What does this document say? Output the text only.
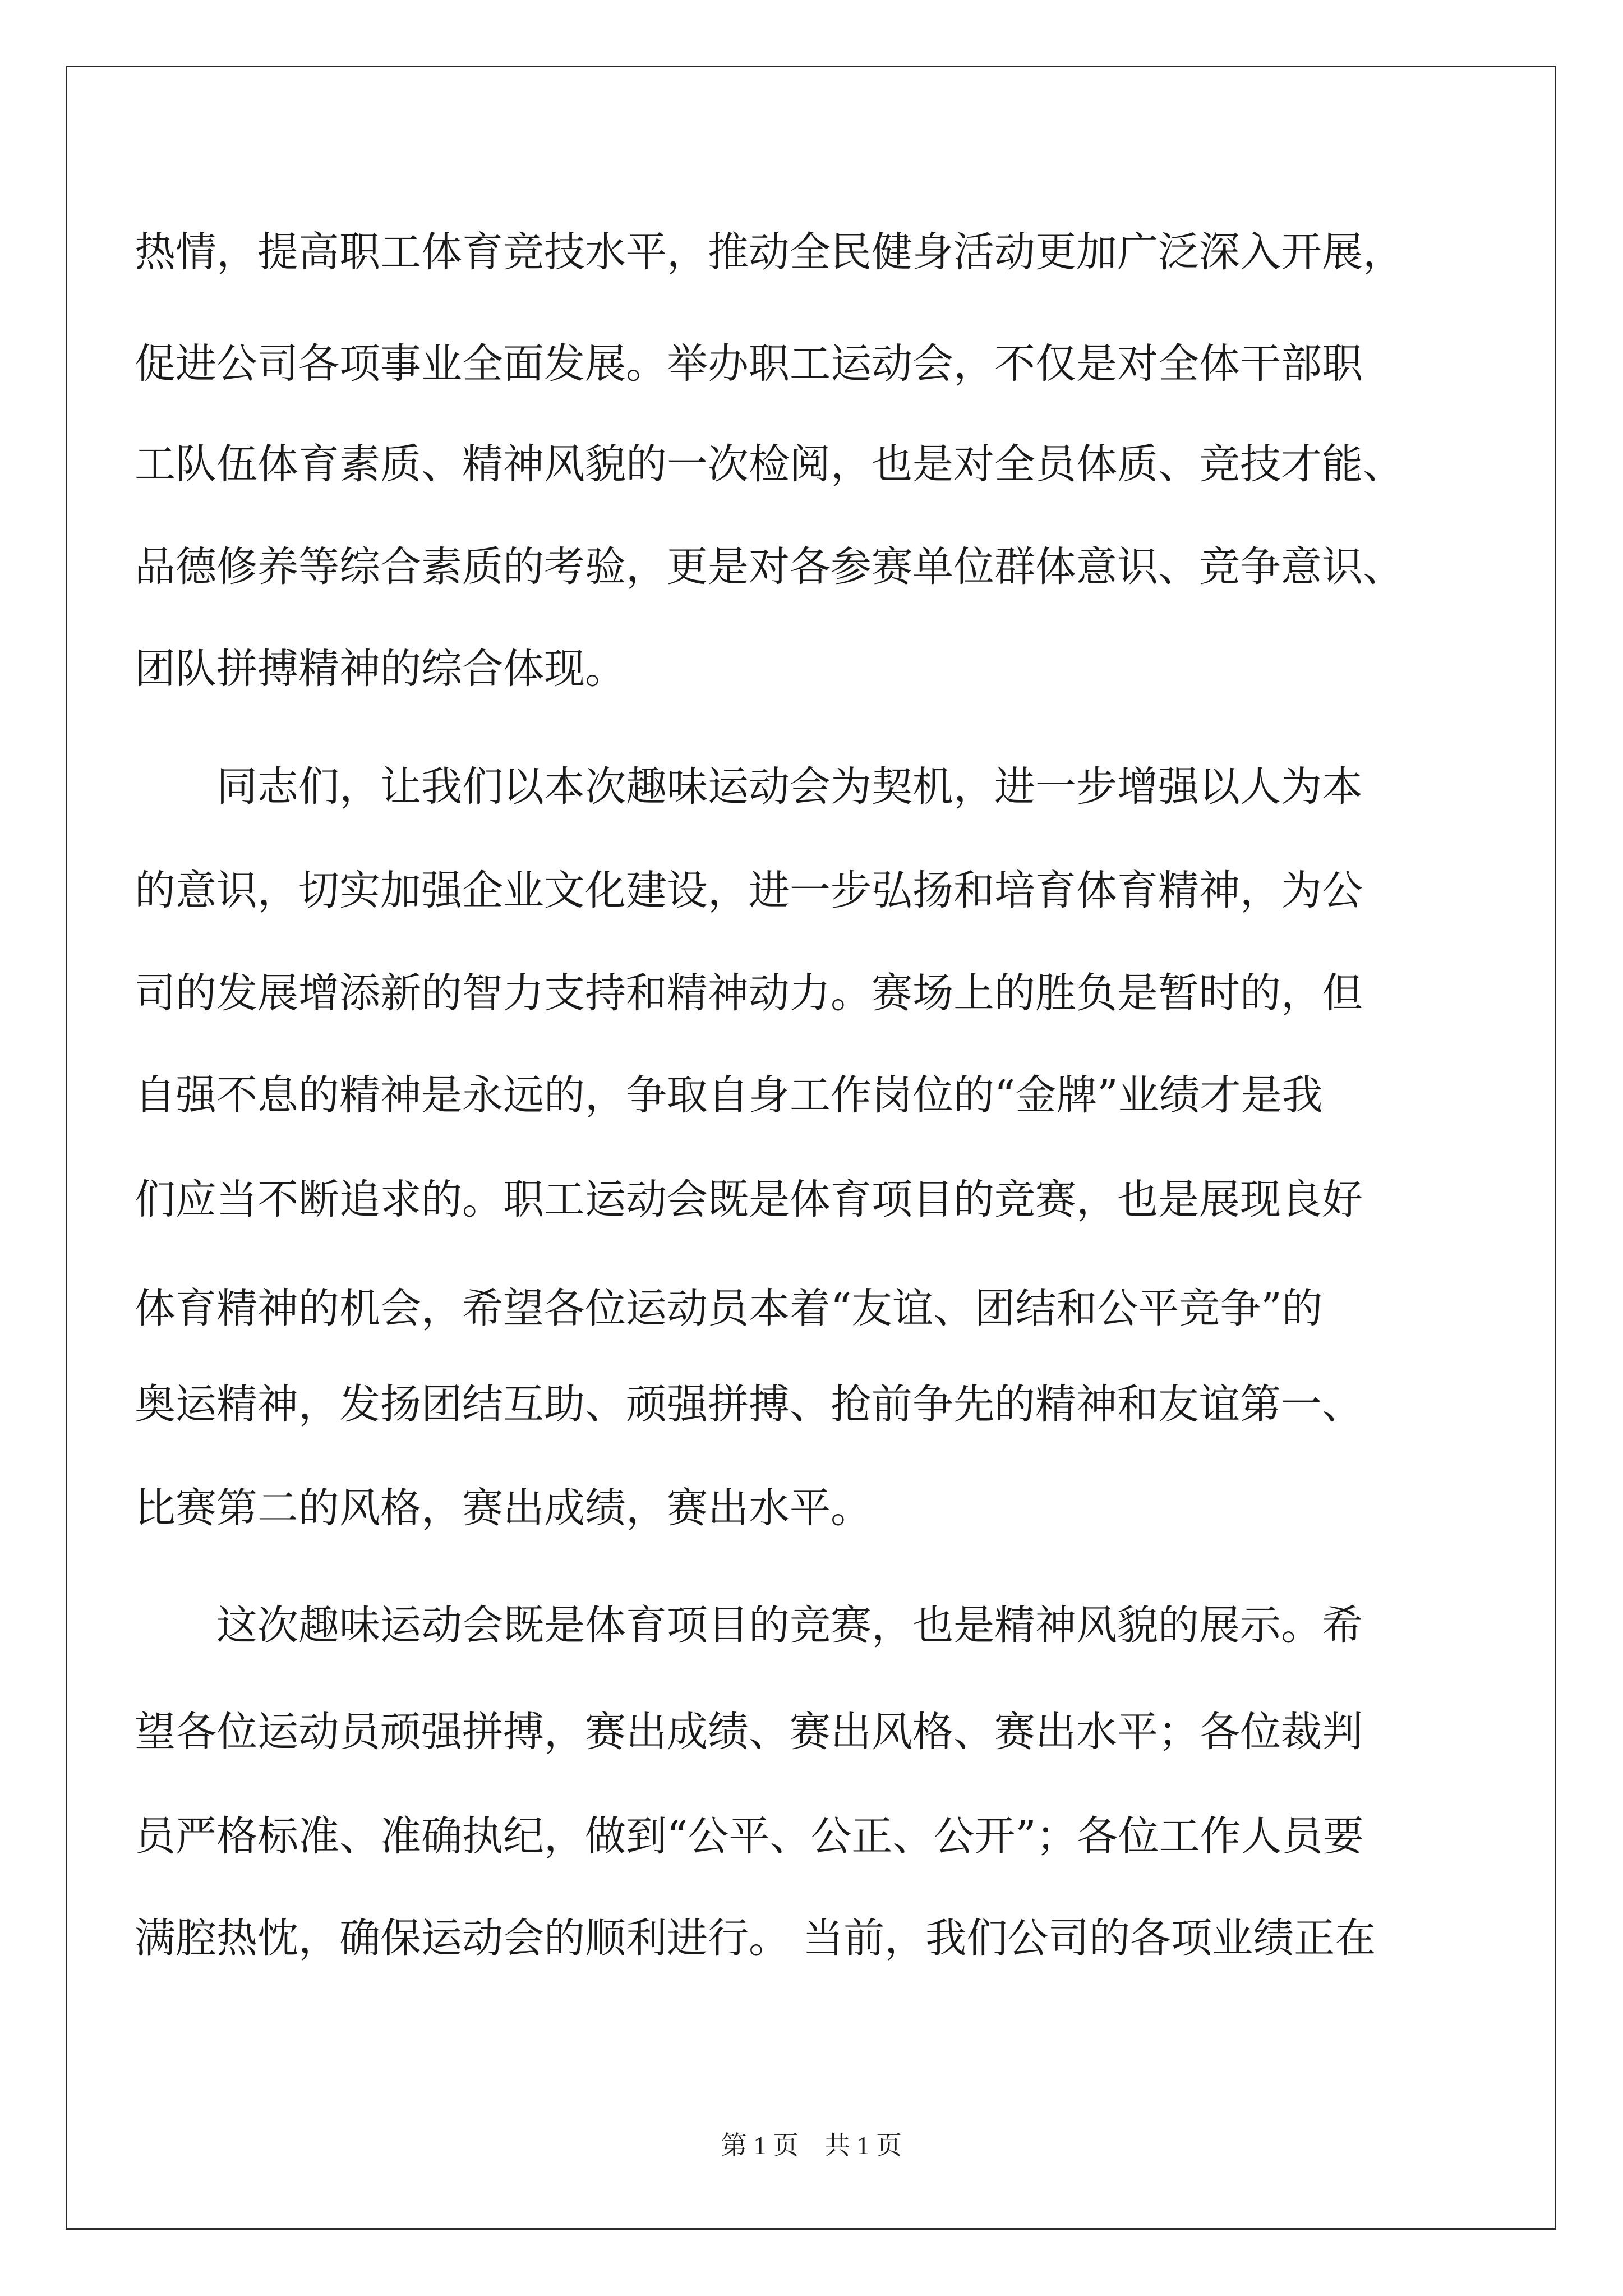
热情，提高职工体育竞技水平，推动全民健身活动更加广泛深入开展，
促进公司各项事业全面发展。举办职工运动会，不仅是对全体干部职
工队伍体育素质、精神风貌的一次检阅，也是对全员体质、竞技才能、
品德修养等综合素质的考验，更是对各参赛单位群体意识、竞争意识、
团队拼搏精神的综合体现。
同志们，让我们以本次趣味运动会为契机，进一步增强以人为本
的意识，切实加强企业文化建设，进一步弘扬和培育体育精神，为公
司的发展增添新的智力支持和精神动力。赛场上的胜负是暂时的，但
自强不息的精神是永远的，争取自身工作岗位的“金牌”业绩才是我
们应当不断追求的。职工运动会既是体育项目的竞赛，也是展现良好
体育精神的机会，希望各位运动员本着“友谊、团结和公平竞争”的
奥运精神，发扬团结互助、顽强拼搏、抢前争先的精神和友谊第一、
比赛第二的风格，赛出成绩，赛出水平。
这次趣味运动会既是体育项目的竞赛，也是精神风貌的展示。希
望各位运动员顽强拼搏，赛出成绩、赛出风格、赛出水平；各位裁判
员严格标准、准确执纪，做到“公平、公正、公开”；各位工作人员要
满腔热忱，确保运动会的顺利进行。 当前，我们公司的各项业绩正在
第 1 页    共 1 页
